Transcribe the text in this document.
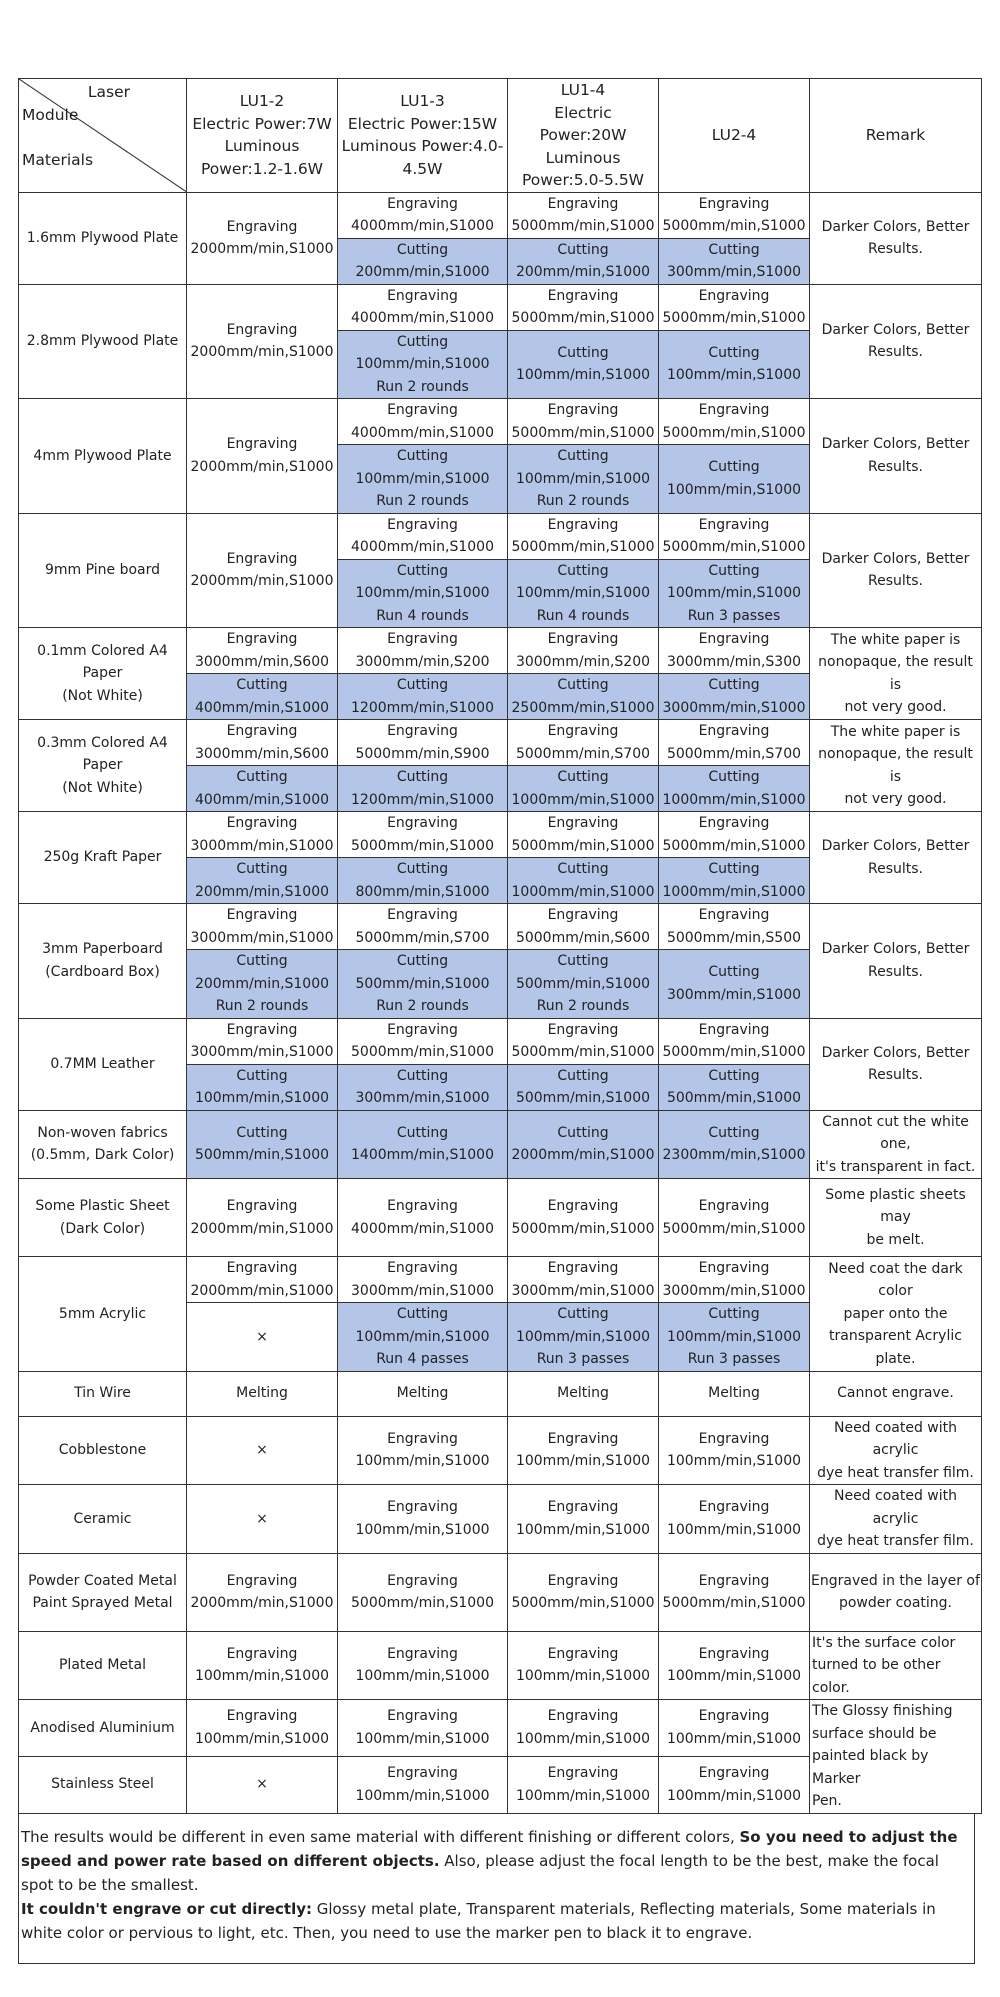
Laser
Module
Materials	LU1-2
Electric Power:7W
Luminous
Power:1.2-1.6W	LU1-3
Electric Power:15W
Luminous Power:4.0-
4.5W	LU1-4
Electric Power:20W
Luminous
Power:5.0-5.5W	LU2-4	Remark

1.6mm Plywood Plate	Engraving
2000mm/min,S1000	Engraving
4000mm/min,S1000	Engraving
5000mm/min,S1000	Engraving
5000mm/min,S1000	Darker Colors, Better
Results.

		Cutting
200mm/min,S1000	Cutting
200mm/min,S1000	Cutting
300mm/min,S1000	

2.8mm Plywood Plate	Engraving
2000mm/min,S1000	Engraving
4000mm/min,S1000	Engraving
5000mm/min,S1000	Engraving
5000mm/min,S1000	Darker Colors, Better
Results.

		Cutting
100mm/min,S1000
Run 2 rounds	Cutting
100mm/min,S1000	Cutting
100mm/min,S1000	

4mm Plywood Plate	Engraving
2000mm/min,S1000	Engraving
4000mm/min,S1000	Engraving
5000mm/min,S1000	Engraving
5000mm/min,S1000	Darker Colors, Better
Results.

		Cutting
100mm/min,S1000
Run 2 rounds	Cutting
100mm/min,S1000
Run 2 rounds	Cutting
100mm/min,S1000	

9mm Pine board	Engraving
2000mm/min,S1000	Engraving
4000mm/min,S1000	Engraving
5000mm/min,S1000	Engraving
5000mm/min,S1000	Darker Colors, Better
Results.

		Cutting
100mm/min,S1000
Run 4 rounds	Cutting
100mm/min,S1000
Run 4 rounds	Cutting
100mm/min,S1000
Run 3 passes	

0.1mm Colored A4
Paper
(Not White)	Engraving
3000mm/min,S600	Engraving
3000mm/min,S200	Engraving
3000mm/min,S200	Engraving
3000mm/min,S300	The white paper is
nonopaque, the result is
not very good.

	Cutting
400mm/min,S1000	Cutting
1200mm/min,S1000	Cutting
2500mm/min,S1000	Cutting
3000mm/min,S1000	

0.3mm Colored A4
Paper
(Not White)	Engraving
3000mm/min,S600	Engraving
5000mm/min,S900	Engraving
5000mm/min,S700	Engraving
5000mm/min,S700	The white paper is
nonopaque, the result is
not very good.

	Cutting
400mm/min,S1000	Cutting
1200mm/min,S1000	Cutting
1000mm/min,S1000	Cutting
1000mm/min,S1000	

250g Kraft Paper	Engraving
3000mm/min,S1000	Engraving
5000mm/min,S1000	Engraving
5000mm/min,S1000	Engraving
5000mm/min,S1000	Darker Colors, Better
Results.

	Cutting
200mm/min,S1000	Cutting
800mm/min,S1000	Cutting
1000mm/min,S1000	Cutting
1000mm/min,S1000	

3mm Paperboard
(Cardboard Box)	Engraving
3000mm/min,S1000	Engraving
5000mm/min,S700	Engraving
5000mm/min,S600	Engraving
5000mm/min,S500	Darker Colors, Better
Results.

	Cutting
200mm/min,S1000
Run 2 rounds	Cutting
500mm/min,S1000
Run 2 rounds	Cutting
500mm/min,S1000
Run 2 rounds	Cutting
300mm/min,S1000	

0.7MM Leather	Engraving
3000mm/min,S1000	Engraving
5000mm/min,S1000	Engraving
5000mm/min,S1000	Engraving
5000mm/min,S1000	Darker Colors, Better
Results.

	Cutting
100mm/min,S1000	Cutting
300mm/min,S1000	Cutting
500mm/min,S1000	Cutting
500mm/min,S1000	

Non-woven fabrics
(0.5mm, Dark Color)	Cutting
500mm/min,S1000	Cutting
1400mm/min,S1000	Cutting
2000mm/min,S1000	Cutting
2300mm/min,S1000	Cannot cut the white one,
it's transparent in fact.

Some Plastic Sheet
(Dark Color)	Engraving
2000mm/min,S1000	Engraving
4000mm/min,S1000	Engraving
5000mm/min,S1000	Engraving
5000mm/min,S1000	Some plastic sheets may
be melt.

5mm Acrylic	Engraving
2000mm/min,S1000	Engraving
3000mm/min,S1000	Engraving
3000mm/min,S1000	Engraving
3000mm/min,S1000	Need coat the dark color
paper onto the
transparent Acrylic plate.

	×	Cutting
100mm/min,S1000
Run 4 passes	Cutting
100mm/min,S1000
Run 3 passes	Cutting
100mm/min,S1000
Run 3 passes	

Tin Wire	Melting	Melting	Melting	Melting	Cannot engrave.

Cobblestone	×	Engraving
100mm/min,S1000	Engraving
100mm/min,S1000	Engraving
100mm/min,S1000	Need coated with acrylic
dye heat transfer film.

Ceramic	×	Engraving
100mm/min,S1000	Engraving
100mm/min,S1000	Engraving
100mm/min,S1000	Need coated with acrylic
dye heat transfer film.

Powder Coated Metal
Paint Sprayed Metal	Engraving
2000mm/min,S1000	Engraving
5000mm/min,S1000	Engraving
5000mm/min,S1000	Engraving
5000mm/min,S1000	Engraved in the layer of
powder coating.

Plated Metal	Engraving
100mm/min,S1000	Engraving
100mm/min,S1000	Engraving
100mm/min,S1000	Engraving
100mm/min,S1000	It's the surface color
turned to be other color.

Anodised Aluminium	Engraving
100mm/min,S1000	Engraving
100mm/min,S1000	Engraving
100mm/min,S1000	Engraving
100mm/min,S1000	The Glossy finishing
surface should be
painted black by Marker
Pen.

Stainless Steel	×	Engraving
100mm/min,S1000	Engraving
100mm/min,S1000	Engraving
100mm/min,S1000	
The results would be different in even same material with different finishing or different colors, So you need to adjust the speed and power rate based on different objects. Also, please adjust the focal length to be the best, make the focal spot to be the smallest.
It couldn't engrave or cut directly: Glossy metal plate, Transparent materials, Reflecting materials, Some materials in white color or pervious to light, etc. Then, you need to use the marker pen to black it to engrave.
